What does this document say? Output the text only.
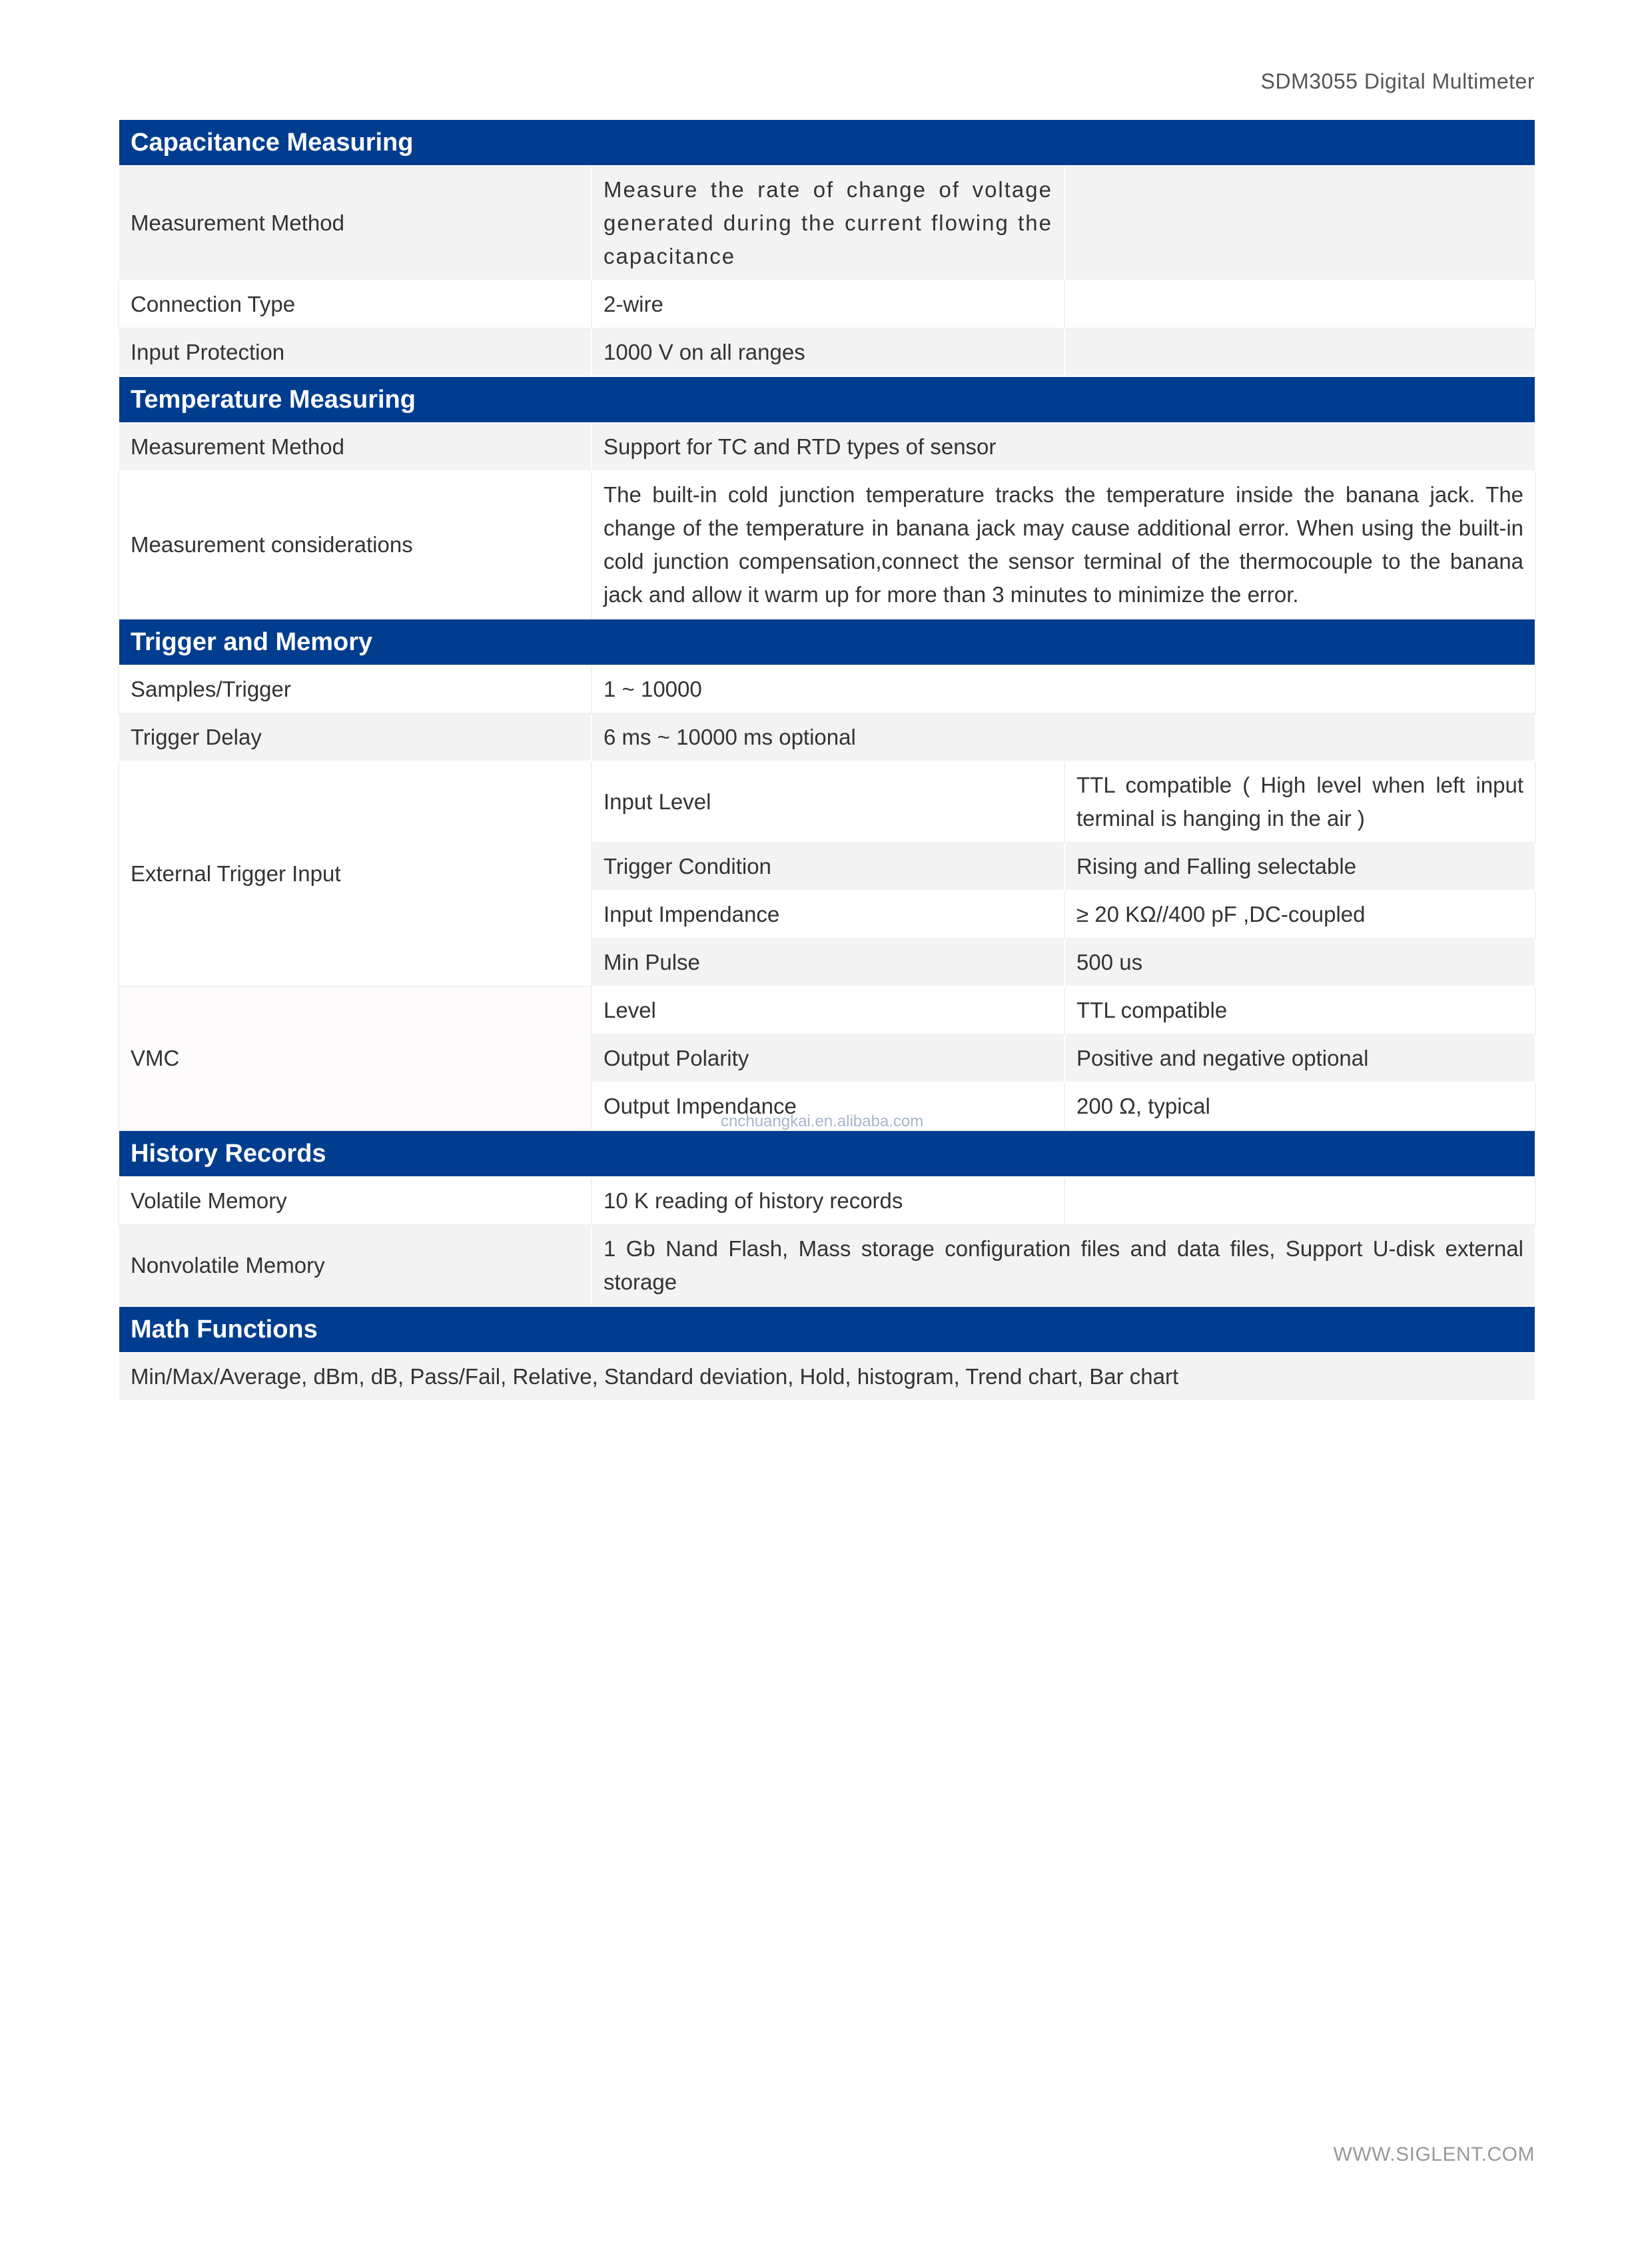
SDM3055 Digital Multimeter
Capacitance Measuring		
Measurement Method	Measure the rate of change of voltage generated during the current flowing the capacitance	
Connection Type	2-wire	
Input Protection	1000 V on all ranges	
Temperature Measuring		
Measurement Method	Support for TC and RTD types of sensor	
Measurement considerations	The built-in cold junction temperature tracks the temperature inside the banana jack. The change of the temperature in banana jack may cause additional error. When using the built-in cold junction compensation,connect the sensor terminal of the thermocouple to the banana jack and allow it warm up for more than 3 minutes to minimize the error.	
Trigger and Memory		
Samples/Trigger	1 ~ 10000	
Trigger Delay	6 ms ~ 10000 ms optional	
External Trigger Input	Input Level	TTL compatible ( High level when left input terminal is hanging in the air )
	Trigger Condition	Rising and Falling selectable
	Input Impendance	≥ 20 KΩ//400 pF ,DC-coupled
	Min Pulse	500 us
VMC	Level	TTL compatible
	Output Polarity	Positive and negative optional
	Output Impendance	200 Ω, typical
History Records		
Volatile Memory	10 K reading of history records	
Nonvolatile Memory	1 Gb Nand Flash, Mass storage configuration files and data files, Support U-disk external storage	
Math Functions		
Min/Max/Average, dBm, dB, Pass/Fail, Relative, Standard deviation, Hold, histogram, Trend chart, Bar chart		
cnchuangkai.en.alibaba.com
WWW.SIGLENT.COM
